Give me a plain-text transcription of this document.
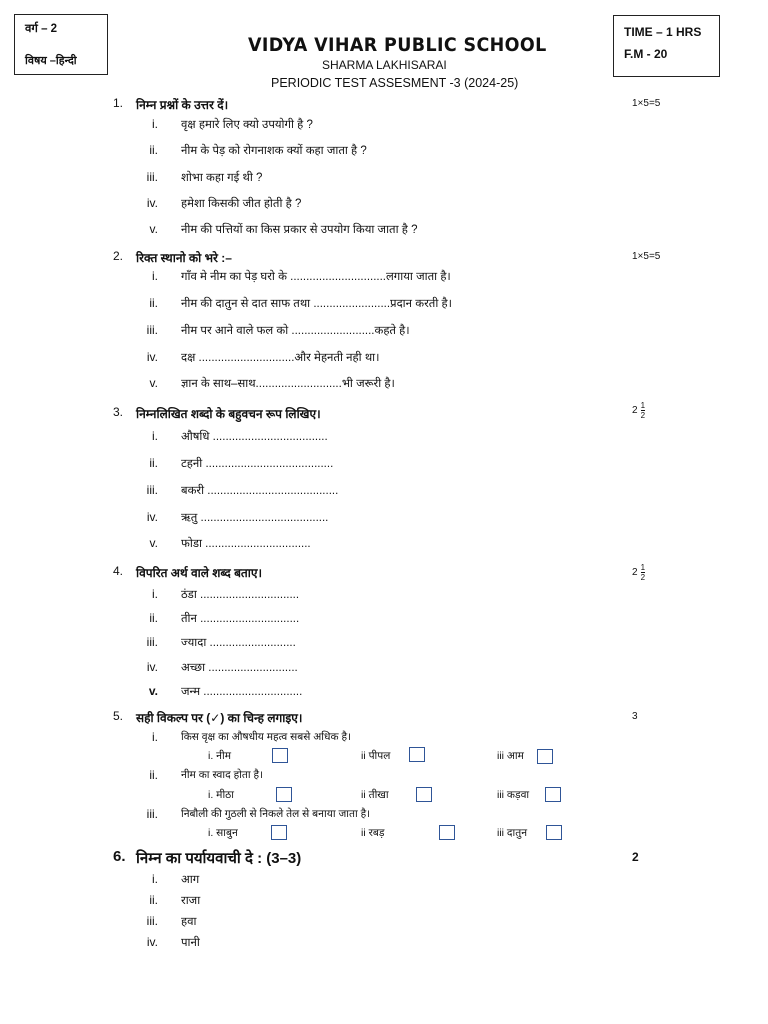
वर्ग – 2
विषय –हिन्दी
VIDYA VIHAR PUBLIC SCHOOL
SHARMA LAKHISARAI
PERIODIC TEST ASSESMENT -3 (2024-25)
TIME – 1 HRS
F.M - 20
1. निम्न प्रश्नों के उत्तर दें।	1×5=5
i. वृक्ष हमारे लिए क्यो उपयोगी है ?
ii. नीम के पेड़ को रोगनाशक क्यों कहा जाता है ?
iii. शोभा कहा गई थी ?
iv. हमेशा किसकी जीत होती है ?
v. नीम की पत्तियों का किस प्रकार से उपयोग किया जाता है ?
2. रिक्त स्थानो को भरे :–	1×5=5
i. गाँव मे नीम का पेड़ घरो के ..............................लगाया जाता है।
ii. नीम की दातुन से दात साफ तथा ........................प्रदान करती है।
iii. नीम पर आने वाले फल को ..........................कहते है।
iv. दक्ष ..............................और मेहनती नही था।
v. ज्ञान के साथ–साथ...........................भी जरूरी है।
3. निम्नलिखित शब्दो के बहुवचन रूप लिखिए।	$2 \frac{1}{2}$
i. औषधि ....................................
ii. टहनी ........................................
iii. बकरी .........................................
iv. ऋतु ........................................
v. फोडा .................................
4. विपरित अर्थ वाले शब्द बताए।	$2 \frac{1}{2}$
i. ठंडा ...............................
ii. तीन ...............................
iii. ज्यादा ...........................
iv. अच्छा ............................
v. जन्म ...............................
5. सही विकल्प पर (✓) का चिन्ह लगाइए।	3
i. किस वृक्ष का औषधीय महत्व सबसे अधिक है।
i. नीम	ii पीपल	iii आम
ii. नीम का स्वाद होता है।
i. मीठा	ii तीखा	iii कड़वा
iii. निबौली की गुठली से निकले तेल से बनाया जाता है।
i. साबुन	ii रबड़	iii दातुन
6. निम्न का पर्यायवाची दे : (3–3)	2
i. आग
ii. राजा
iii. हवा
iv. पानी
